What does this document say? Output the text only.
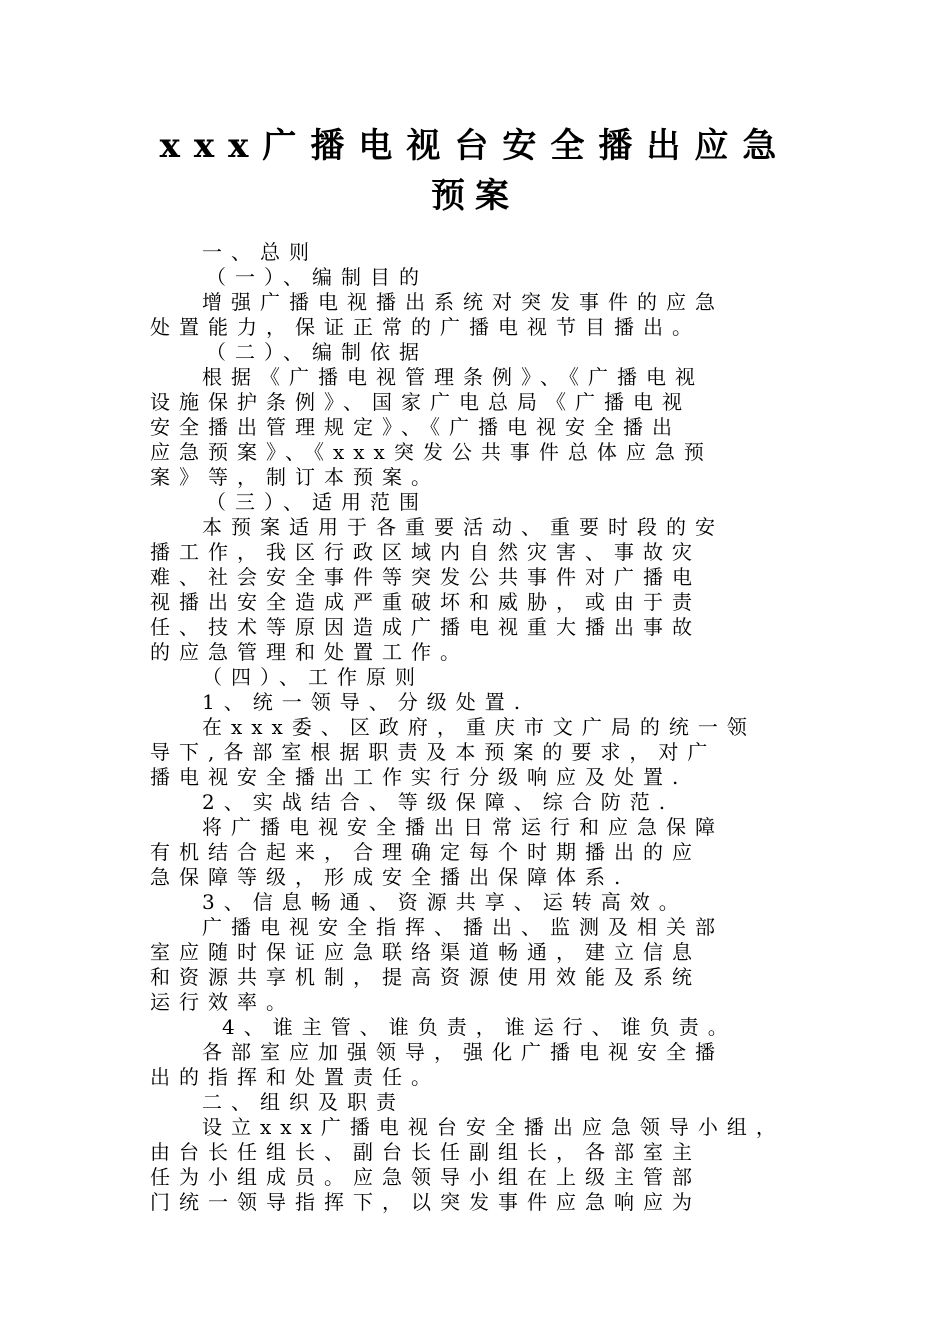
xxx广播电视台安全播出应急
预案
一、总则
（一）、编制目的
增强广播电视播出系统对突发事件的应急
处置能力，保证正常的广播电视节目播出。
（二）、编制依据
根据《广播电视管理条例》、《广播电视
设施保护条例》、国家广电总局《广播电视
安全播出管理规定》、《广播电视安全播出
应急预案》、《xxx突发公共事件总体应急预
案》等，制订本预案。
（三）、适用范围
本预案适用于各重要活动、重要时段的安
播工作，我区行政区域内自然灾害、事故灾
难、社会安全事件等突发公共事件对广播电
视播出安全造成严重破坏和威胁，或由于责
任、技术等原因造成广播电视重大播出事故
的应急管理和处置工作。
（四）、工作原则
1、统一领导、分级处置.
在xxx委、区政府，重庆市文广局的统一领
导下,各部室根据职责及本预案的要求，对广
播电视安全播出工作实行分级响应及处置.
2、实战结合、等级保障、综合防范.
将广播电视安全播出日常运行和应急保障
有机结合起来，合理确定每个时期播出的应
急保障等级，形成安全播出保障体系.
3、信息畅通、资源共享、运转高效。
广播电视安全指挥、播出、监测及相关部
室应随时保证应急联络渠道畅通，建立信息
和资源共享机制，提高资源使用效能及系统
运行效率。
4、谁主管、谁负责，谁运行、谁负责。
各部室应加强领导，强化广播电视安全播
出的指挥和处置责任。
二、组织及职责
设立xxx广播电视台安全播出应急领导小组，
由台长任组长、副台长任副组长，各部室主
任为小组成员。应急领导小组在上级主管部
门统一领导指挥下，以突发事件应急响应为
